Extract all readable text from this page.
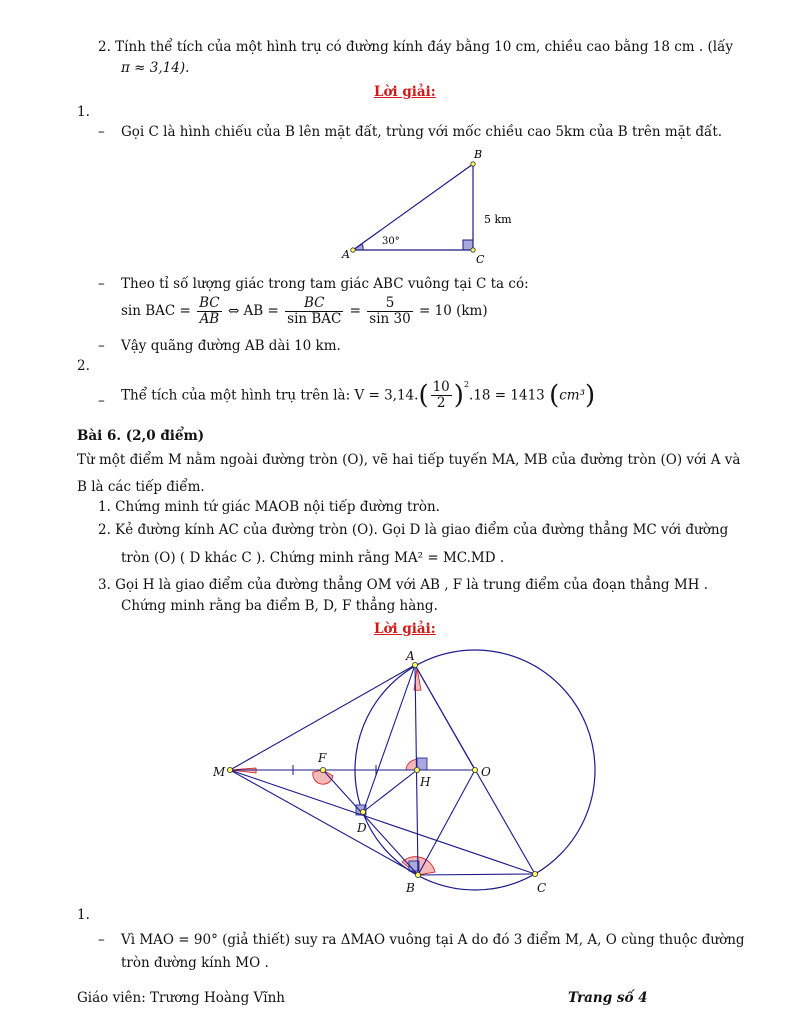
2. Tính thể tích của một hình trụ có đường kính đáy bằng 10 cm, chiều cao bằng 18 cm . (lấy
π ≈ 3,14).
Lời giải:
1.
– Gọi C là hình chiếu của B lên mặt đất, trùng với mốc chiều cao 5km của B trên mặt đất.
A
B
C
5 km
30°
– Theo tỉ số lượng giác trong tam giác ABC vuông tại C ta có:
sin BAC = $\frac{BC}{AB}$ ⇔ AB = $\frac{BC}{\text{sin BAC}} = \frac{5}{\sin 30} = 10$ (km)
– Vậy quãng đường AB dài 10 km.
2.
– Thể tích của một hình trụ trên là: $V = 3,14.( \frac{10}{2} )^2.18 = 1413$ (cm³)
Bài 6. (2,0 điểm)
Từ một điểm M nằm ngoài đường tròn (O), vẽ hai tiếp tuyến MA, MB của đường tròn (O) với A và
B là các tiếp điểm.
1. Chứng minh tứ giác MAOB nội tiếp đường tròn.
2. Kẻ đường kính AC của đường tròn (O). Gọi D là giao điểm của đường thẳng MC với đường
tròn (O) ( D khác C ). Chứng minh rằng MA² = MC.MD .
3. Gọi H là giao điểm của đường thẳng OM với AB , F là trung điểm của đoạn thẳng MH .
Chứng minh rằng ba điểm B, D, F thẳng hàng.
Lời giải:
A
B	C
D
F
H
M	O
1.
– Vì MAO = 90° (giả thiết) suy ra ΔMAO vuông tại A do đó 3 điểm M, A, O cùng thuộc đường
tròn đường kính MO .
Giáo viên: Trương Hoàng Vĩnh	Trang số 4
